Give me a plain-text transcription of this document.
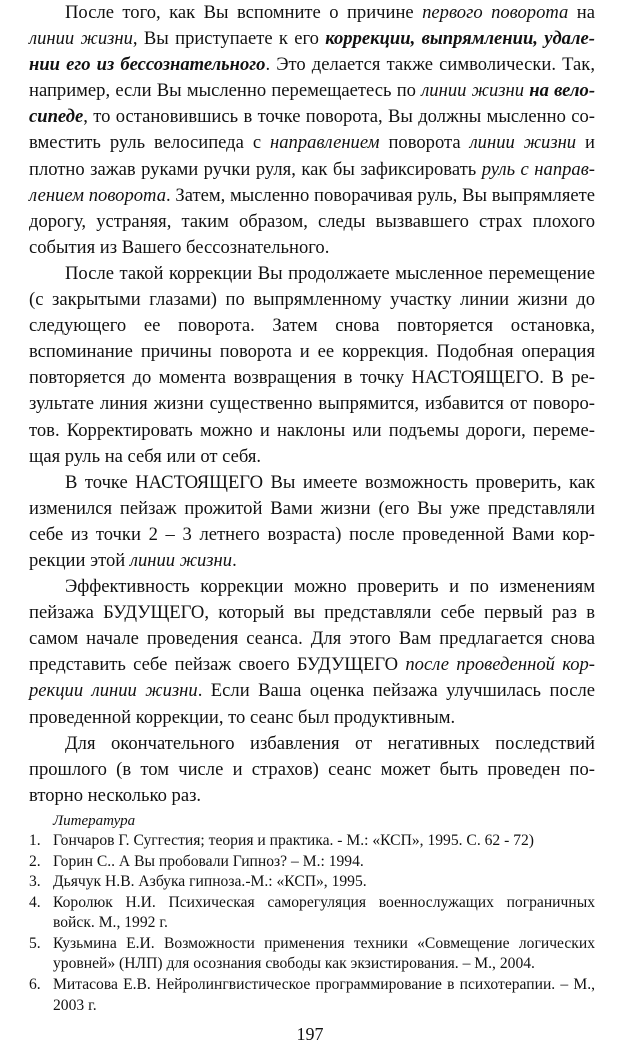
После того, как Вы вспомните о причине первого поворота на линии жизни, Вы приступаете к его коррекции, выпрямлении, удалении его из бессознательного. Это делается также символически. Так, например, если Вы мысленно перемещаетесь по линии жизни на велосипеде, то остановившись в точке поворота, Вы должны мысленно совместить руль велосипеда с направлением поворота линии жизни и плотно зажав руками ручки руля, как бы зафиксировать руль с направлением поворота. Затем, мысленно поворачивая руль, Вы выпрямляете дорогу, устраняя, таким образом, следы вызвавшего страх плохого события из Вашего бессознательного.

После такой коррекции Вы продолжаете мысленное перемещение (с закрытыми глазами) по выпрямленному участку линии жизни до следующего ее поворота. Затем снова повторяется остановка, вспоминание причины поворота и ее коррекция. Подобная операция повторяется до момента возвращения в точку НАСТОЯЩЕГО. В результате линия жизни существенно выпрямится, избавится от поворотов. Корректировать можно и наклоны или подъемы дороги, перемещая руль на себя или от себя.

В точке НАСТОЯЩЕГО Вы имеете возможность проверить, как изменился пейзаж прожитой Вами жизни (его Вы уже представляли себе из точки 2 – 3 летнего возраста) после проведенной Вами коррекции этой линии жизни.

Эффективность коррекции можно проверить и по изменениям пейзажа БУДУЩЕГО, который вы представляли себе первый раз в самом начале проведения сеанса. Для этого Вам предлагается снова представить себе пейзаж своего БУДУЩЕГО после проведенной коррекции линии жизни. Если Ваша оценка пейзажа улучшилась после проведенной коррекции, то сеанс был продуктивным.

Для окончательного избавления от негативных последствий прошлого (в том числе и страхов) сеанс может быть проведен повторно несколько раз.

Литература
1. Гончаров Г. Суггестия; теория и практика. - М.: «КСП», 1995. С. 62 - 72)
2. Горин С.. А Вы пробовали Гипноз? – М.: 1994.
3. Дьячук Н.В. Азбука гипноза.-М.: «КСП», 1995.
4. Королюк Н.И. Психическая саморегуляция военнослужащих пограничных войск. М., 1992 г.
5. Кузьмина Е.И. Возможности применения техники «Совмещение логических уровней» (НЛП) для осознания свободы как экзистирования. – М., 2004.
6. Митасова Е.В. Нейролингвистическое программирование в психотерапии. – М., 2003 г.
197
